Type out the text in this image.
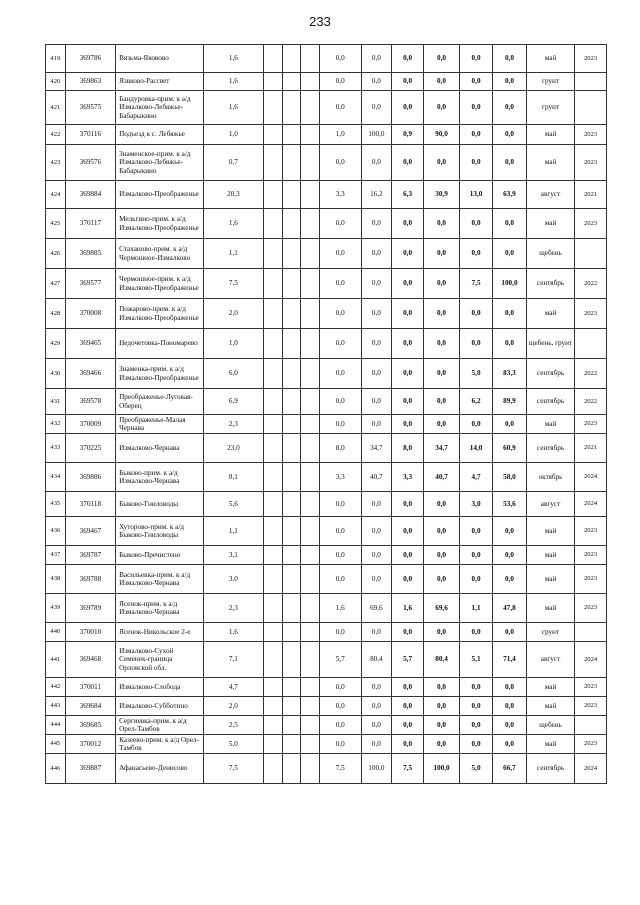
233
419	369786	Вязьма-Яковово	1,6				0,0	0,0	0,0	0,0	0,0	0,0	май	2023
420	369863	Язвково-Рассвет	1,6				0,0	0,0	0,0	0,0	0,0	0,0	грунт	
421	369575	Бандуровка-прим. к а/д Измалково-Лебяжье-Бабарыкино	1,6				0,0	0,0	0,0	0,0	0,0	0,0	грунт	
422	370116	Подъезд к с. Лебяжье	1,0				1,0	100,0	0,9	90,0	0,0	0,0	май	2023
423	369576	Знаменское-прим. к а/д Измалково-Лебяжье-Бабарыкино	0,7				0,0	0,0	0,0	0,0	0,0	0,0	май	2023
424	369884	Измалково-Преображенье	20,3				3,3	16,2	6,3	30,9	13,0	63,9	август	2021
425	370117	Мельгино-прим. к а/д Измалково-Преображенье	1,6				0,0	0,0	0,0	0,0	0,0	0,0	май	2023
426	369885	Стахановo-прим. к а/д Чермошное-Измалково	1,1				0,0	0,0	0,0	0,0	0,0	0,0	щебень	
427	369577	Чермошное-прим. к а/д Измалково-Преображенье	7,5				0,0	0,0	0,0	0,0	7,5	100,0	сентябрь	2022
428	370008	Пожарово-прим. к а/д Измалково-Преображенье	2,0				0,0	0,0	0,0	0,0	0,0	0,0	май	2023
429	369465	Недочетовка-Пономарево	1,0				0,0	0,0	0,0	0,0	0,0	0,0	щебень, грунт	
430	369466	Знаменка-прим. к а/д Измалково-Преображенье	6,0				0,0	0,0	0,0	0,0	5,0	83,3	сентябрь	2022
431	369578	Преображенье-Луговая-Оберец	6,9				0,0	0,0	0,0	0,0	6,2	89,9	сентябрь	2022
432	370009	Преображенье-Малая Чернава	2,3				0,0	0,0	0,0	0,0	0,0	0,0	май	2023
433	370225	Измалково-Чернава	23,0				8,0	34,7	8,0	34,7	14,0	60,9	сентябрь	2021
434	369886	Быково-прим. к а/д Измалково-Чернава	8,1				3,3	40,7	3,3	40,7	4,7	58,0	октябрь	2024
435	370118	Быково-Гниловоды	5,6				0,0	0,0	0,0	0,0	3,0	53,6	август	2024
436	369467	Хуторово-прим. к а/д Быково-Гниловоды	1,1				0,0	0,0	0,0	0,0	0,0	0,0	май	2023
437	369787	Быково-Пречистено	3,1				0,0	0,0	0,0	0,0	0,0	0,0	май	2023
438	369788	Васильевка-прим. к а/д Измалково-Чернава	3,0				0,0	0,0	0,0	0,0	0,0	0,0	май	2023
439	369789	Ясенок-прим. к а/д Измалково-Чернава	2,3				1,6	69,6	1,6	69,6	1,1	47,8	май	2023
440	370010	Ясенок-Никольское 2-е	1,6				0,0	0,0	0,0	0,0	0,0	0,0	грунт	
441	369468	Измалково-Сухой Семенек-граница Орловской обл.	7,1				5,7	80,4	5,7	80,4	5,1	71,4	август	2024
442	370011	Измалково-Слобода	4,7				0,0	0,0	0,0	0,0	0,0	0,0	май	2023
443	369684	Измалково-Субботино	2,0				0,0	0,0	0,0	0,0	0,0	0,0	май	2023
444	369685	Сергиевка-прим. к а/д Орел-Тамбов	2,5				0,0	0,0	0,0	0,0	0,0	0,0	щебень	
445	370012	Казеево-прим. к а/д Орел-Тамбов	5,0				0,0	0,0	0,0	0,0	0,0	0,0	май	2023
446	369887	Афанасьево-Денисово	7,5				7,5	100,0	7,5	100,0	5,0	66,7	сентябрь	2024
